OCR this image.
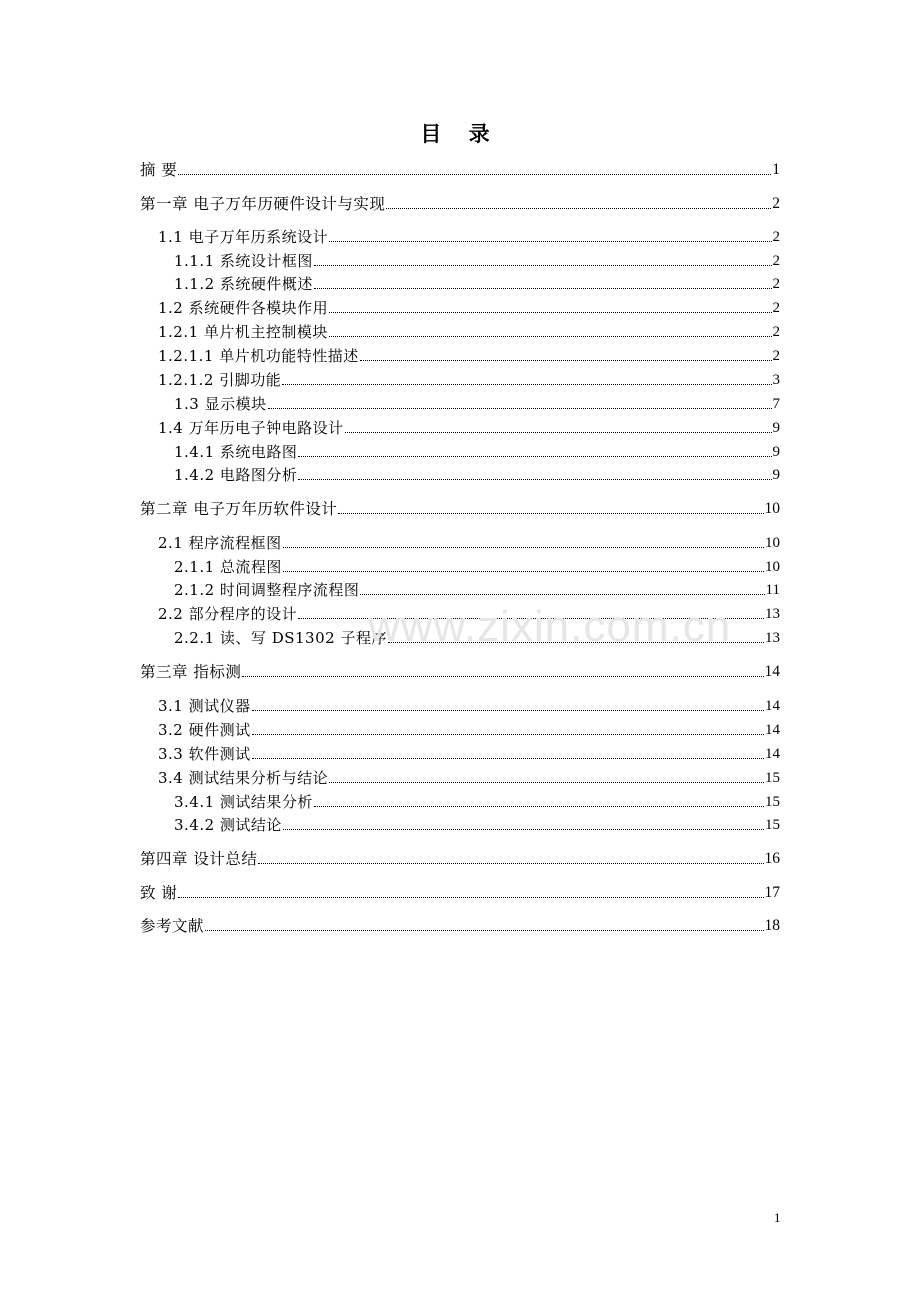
目 录
摘 要	1
第一章 电子万年历硬件设计与实现	2
1.1 电子万年历系统设计	2
1.1.1 系统设计框图	2
1.1.2 系统硬件概述	2
1.2 系统硬件各模块作用	2
1.2.1 单片机主控制模块	2
1.2.1.1 单片机功能特性描述	2
1.2.1.2 引脚功能	3
1.3 显示模块	7
1.4 万年历电子钟电路设计	9
1.4.1 系统电路图	9
1.4.2 电路图分析	9
第二章 电子万年历软件设计	10
2.1 程序流程框图	10
2.1.1 总流程图	10
2.1.2 时间调整程序流程图	11
2.2 部分程序的设计	13
2.2.1 读、写 DS1302 子程序	13
第三章 指标测	14
3.1 测试仪器	14
3.2 硬件测试	14
3.3 软件测试	14
3.4 测试结果分析与结论	15
3.4.1 测试结果分析	15
3.4.2 测试结论	15
第四章 设计总结	16
致 谢	17
参考文献	18
www.zixin.com.cn
1
